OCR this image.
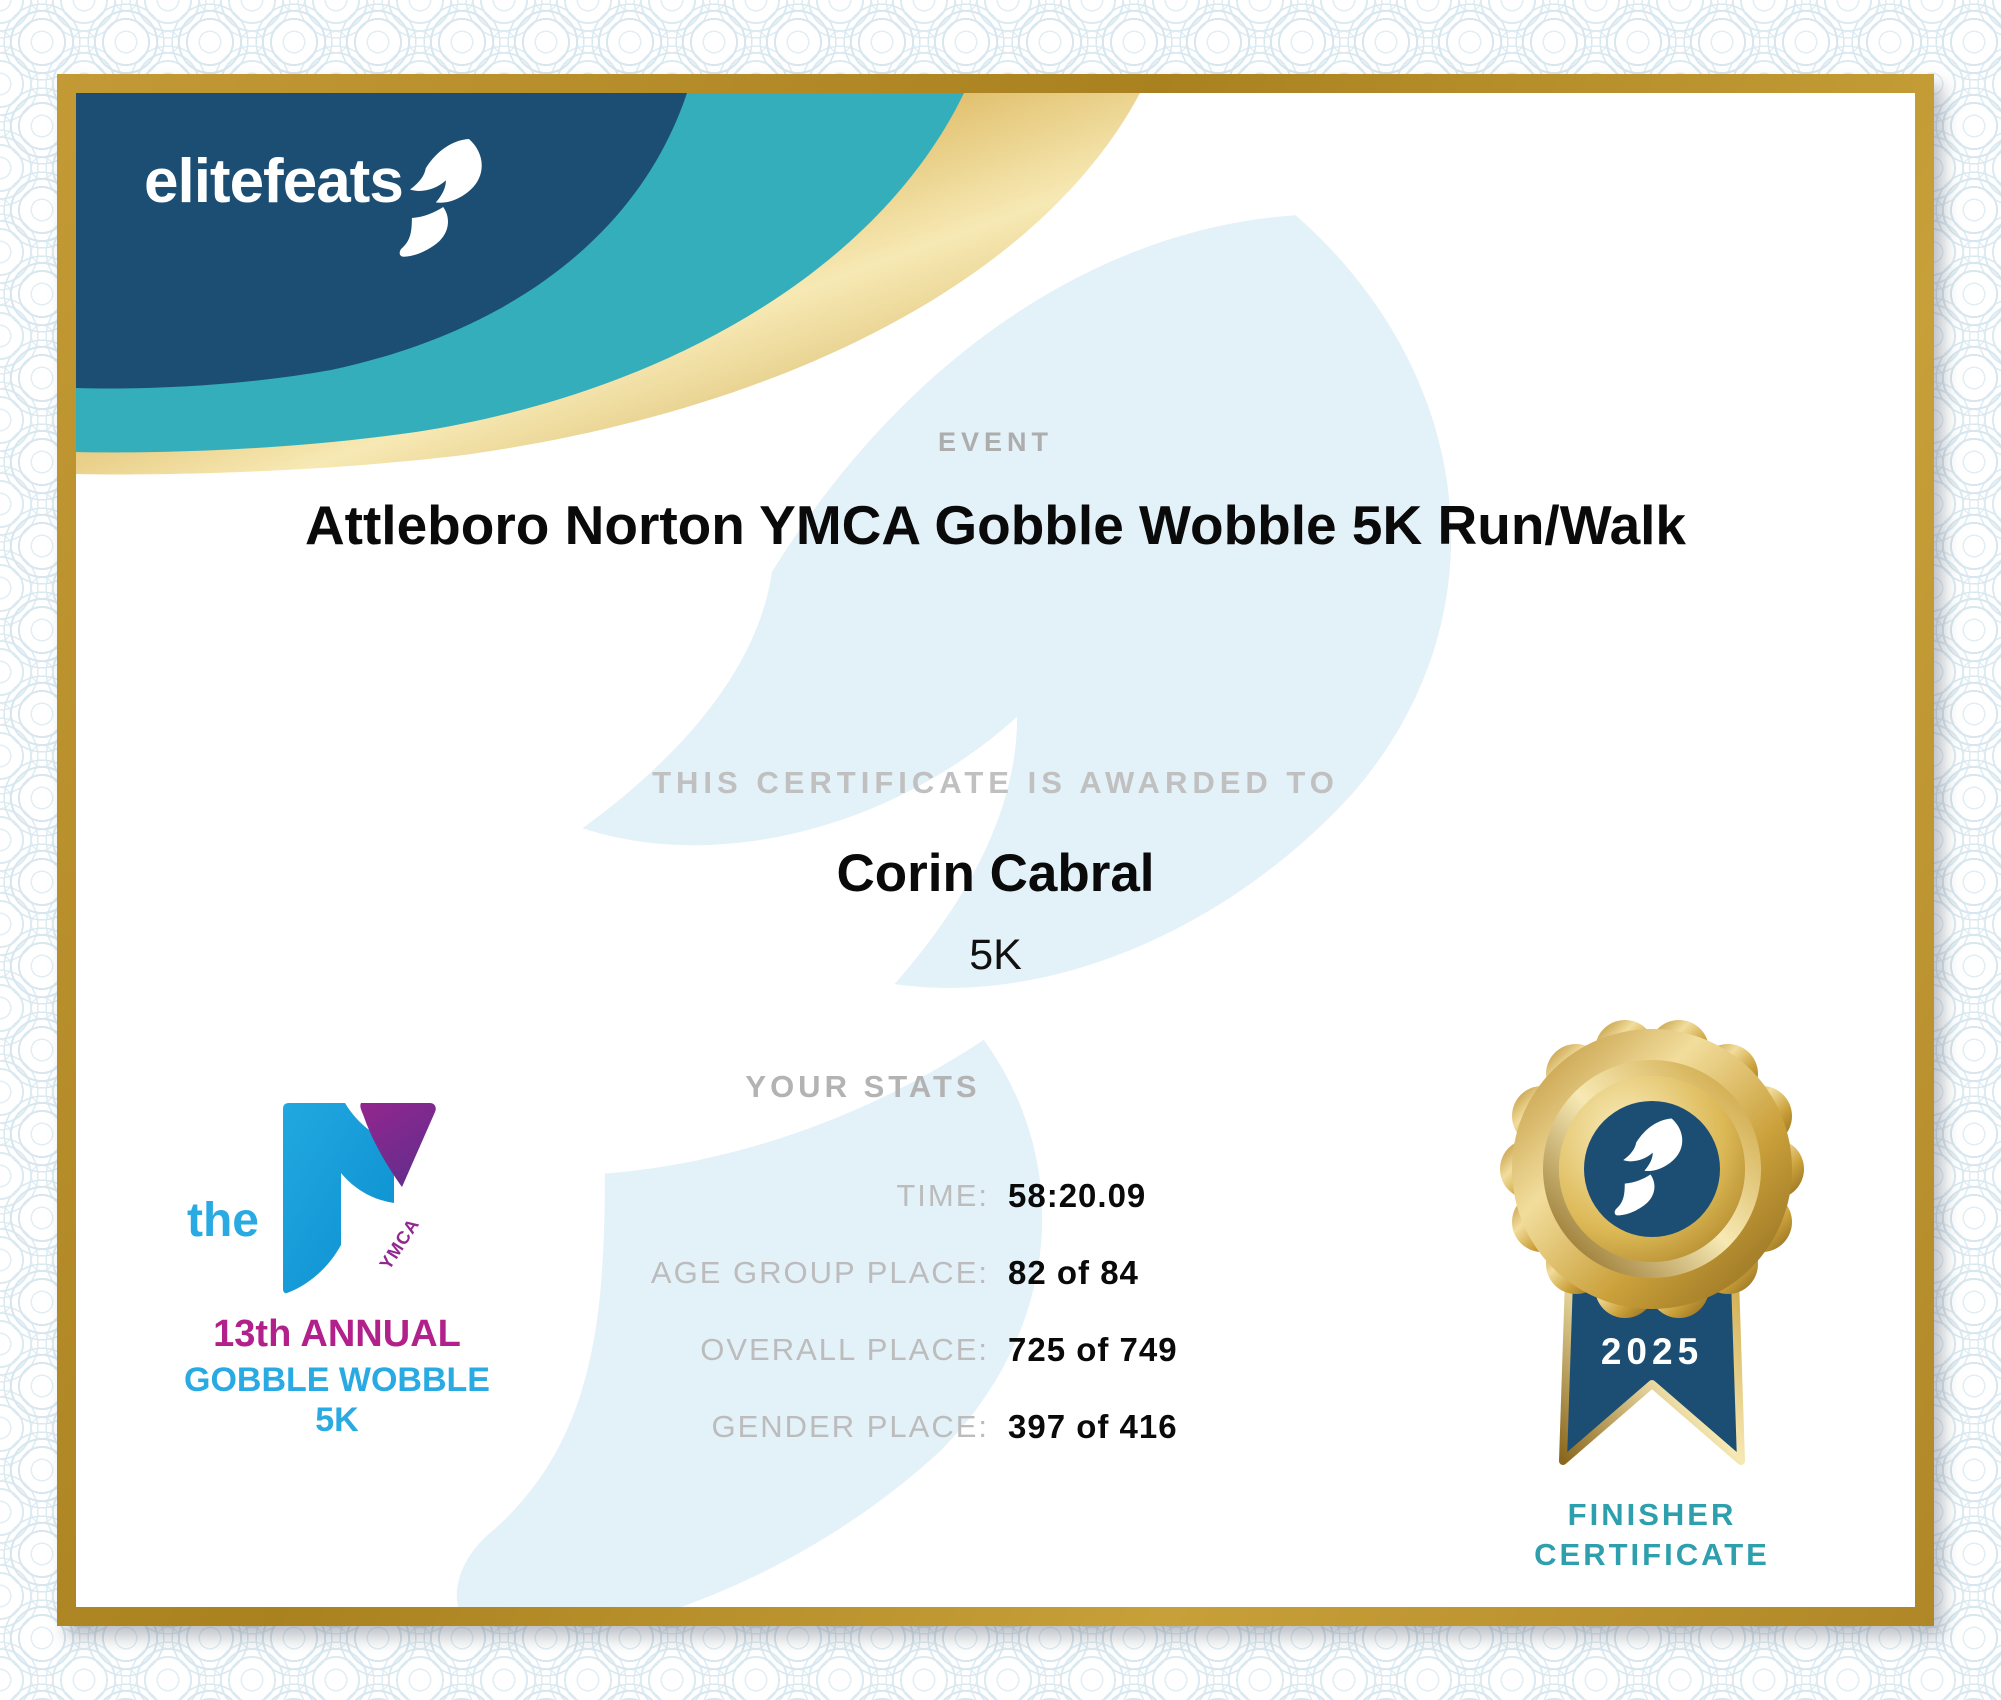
elitefeats
EVENT
Attleboro Norton YMCA Gobble Wobble 5K Run/Walk
THIS CERTIFICATE IS AWARDED TO
Corin Cabral
5K
YOUR STATS
TIME: 58:20.09
AGE GROUP PLACE: 82 of 84
OVERALL PLACE: 725 of 749
GENDER PLACE: 397 of 416
the	YMCA
13th ANNUAL
GOBBLE WOBBLE 5K
2025
FINISHER
CERTIFICATE
